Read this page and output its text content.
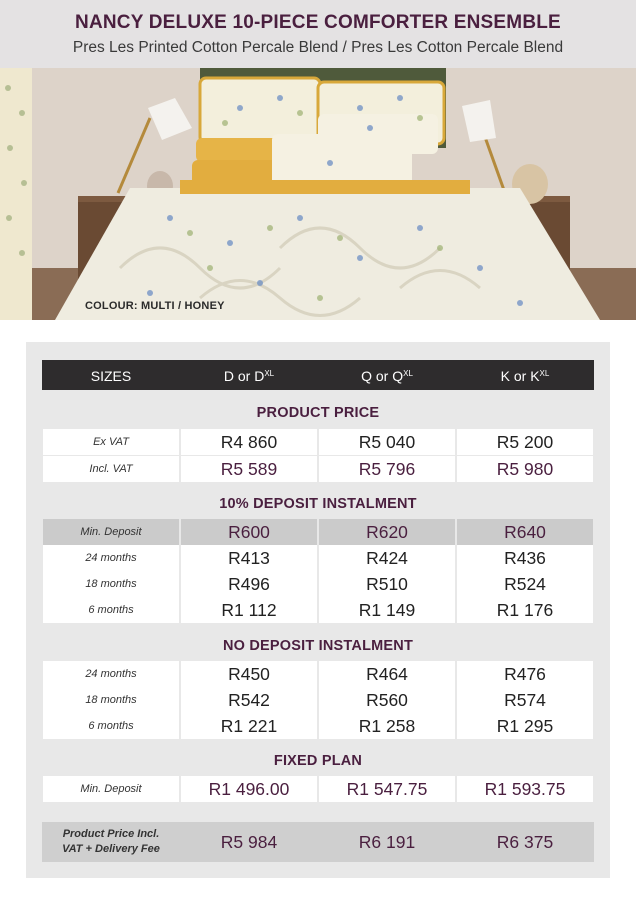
NANCY DELUXE 10-PIECE COMFORTER ENSEMBLE
Pres Les Printed Cotton Percale Blend / Pres Les Cotton Percale Blend
COLOUR: MULTI / HONEY
SIZES	D or $D^{XL}$	Q or $Q^{XL}$	K or $K^{XL}$
PRODUCT PRICE
Ex VAT	R4 860	R5 040	R5 200
Incl. VAT	R5 589	R5 796	R5 980
10% DEPOSIT INSTALMENT
Min. Deposit	R600	R620	R640
24 months	R413	R424	R436
18 months	R496	R510	R524
6 months	R1 112	R1 149	R1 176
NO DEPOSIT INSTALMENT
24 months	R450	R464	R476
18 months	R542	R560	R574
6 months	R1 221	R1 258	R1 295
FIXED PLAN
Min. Deposit	R1 496.00	R1 547.75	R1 593.75
Product Price Incl.
VAT + Delivery Fee	R5 984	R6 191	R6 375
